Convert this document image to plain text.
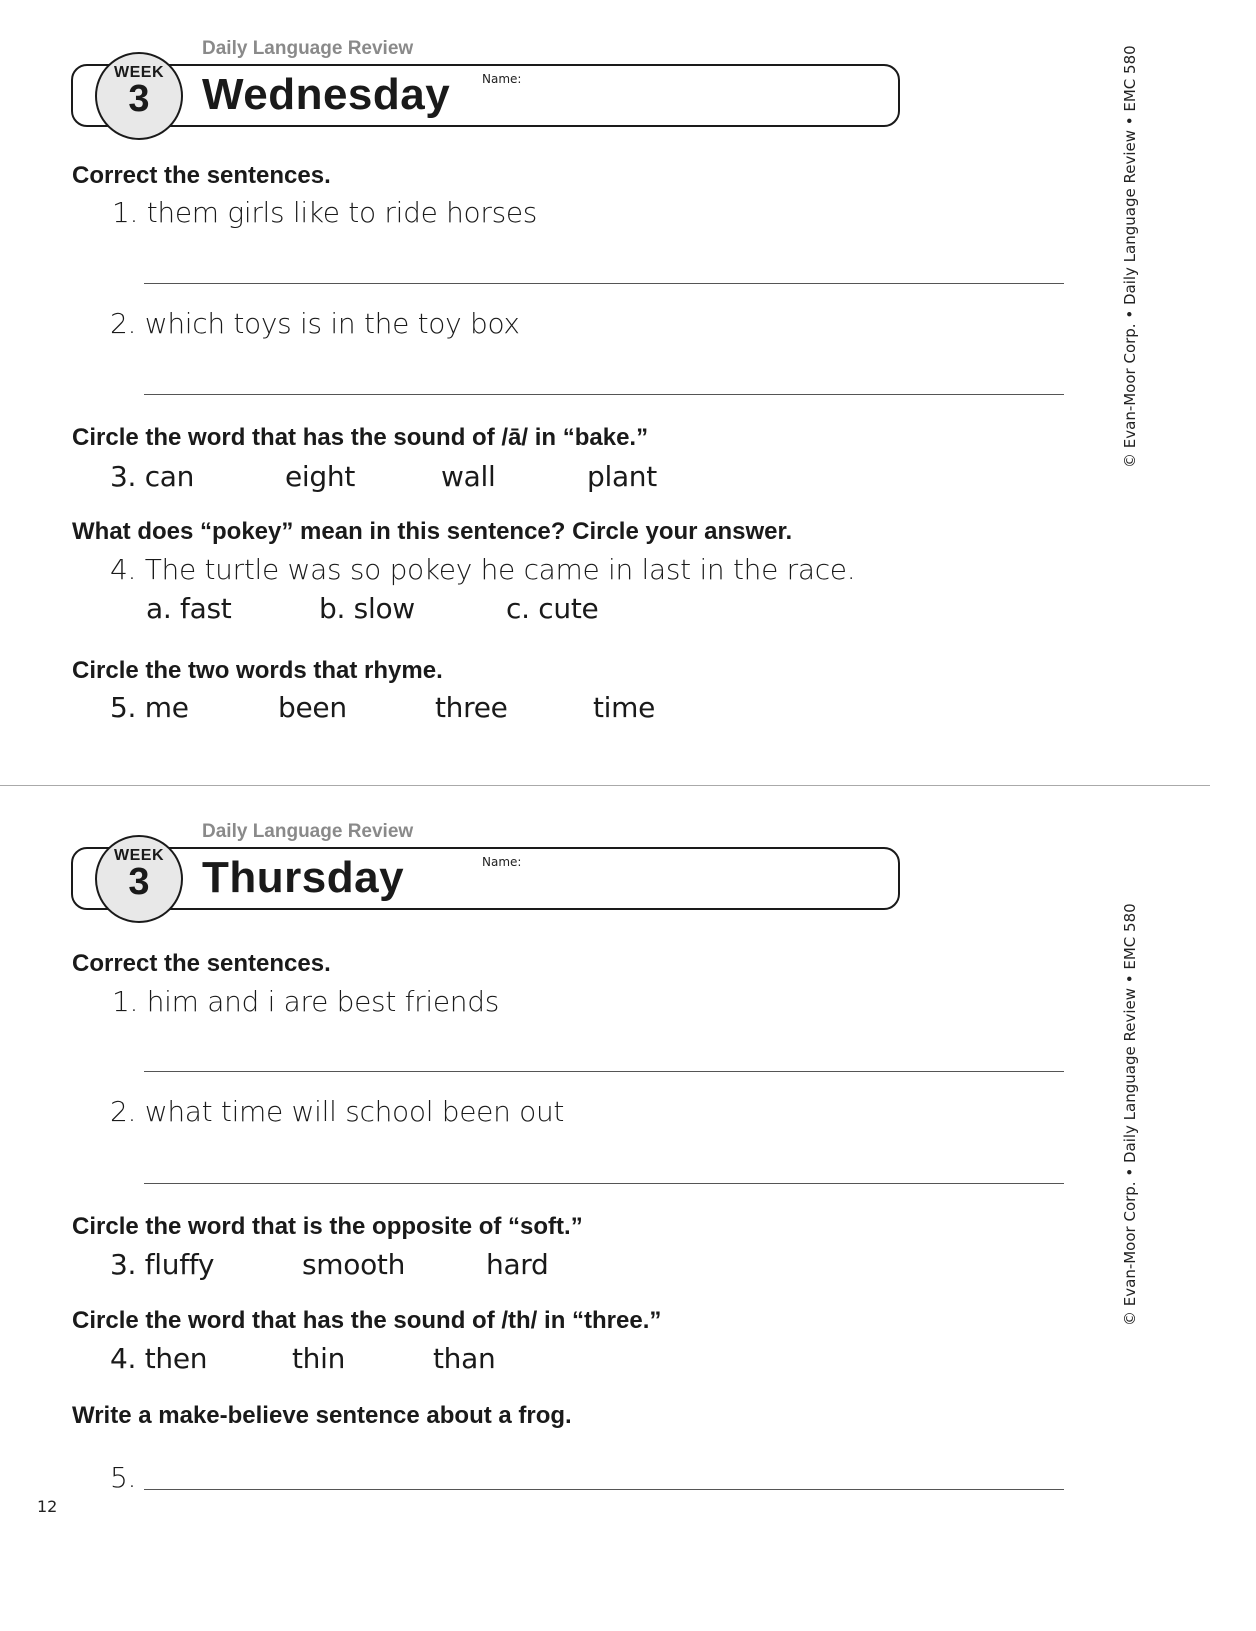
Daily Language Review
WEEK
3	Wednesday	Name:
Correct the sentences.
1. them girls like to ride horses
2. which toys is in the toy box
Circle the word that has the sound of /ā/ in “bake.”
3. can	eight	wall	plant
What does “pokey” mean in this sentence? Circle your answer.
4. The turtle was so pokey he came in last in the race.
a. fast	b. slow	c. cute
Circle the two words that rhyme.
5. me	been	three	time
© Evan-Moor Corp. • Daily Language Review • EMC 580
Daily Language Review
WEEK
3	Thursday	Name:
Correct the sentences.
1. him and i are best friends
2. what time will school been out
Circle the word that is the opposite of “soft.”
3. fluffy	smooth	hard
Circle the word that has the sound of /th/ in “three.”
4. then	thin	than
Write a make-believe sentence about a frog.
5.
© Evan-Moor Corp. • Daily Language Review • EMC 580
12
